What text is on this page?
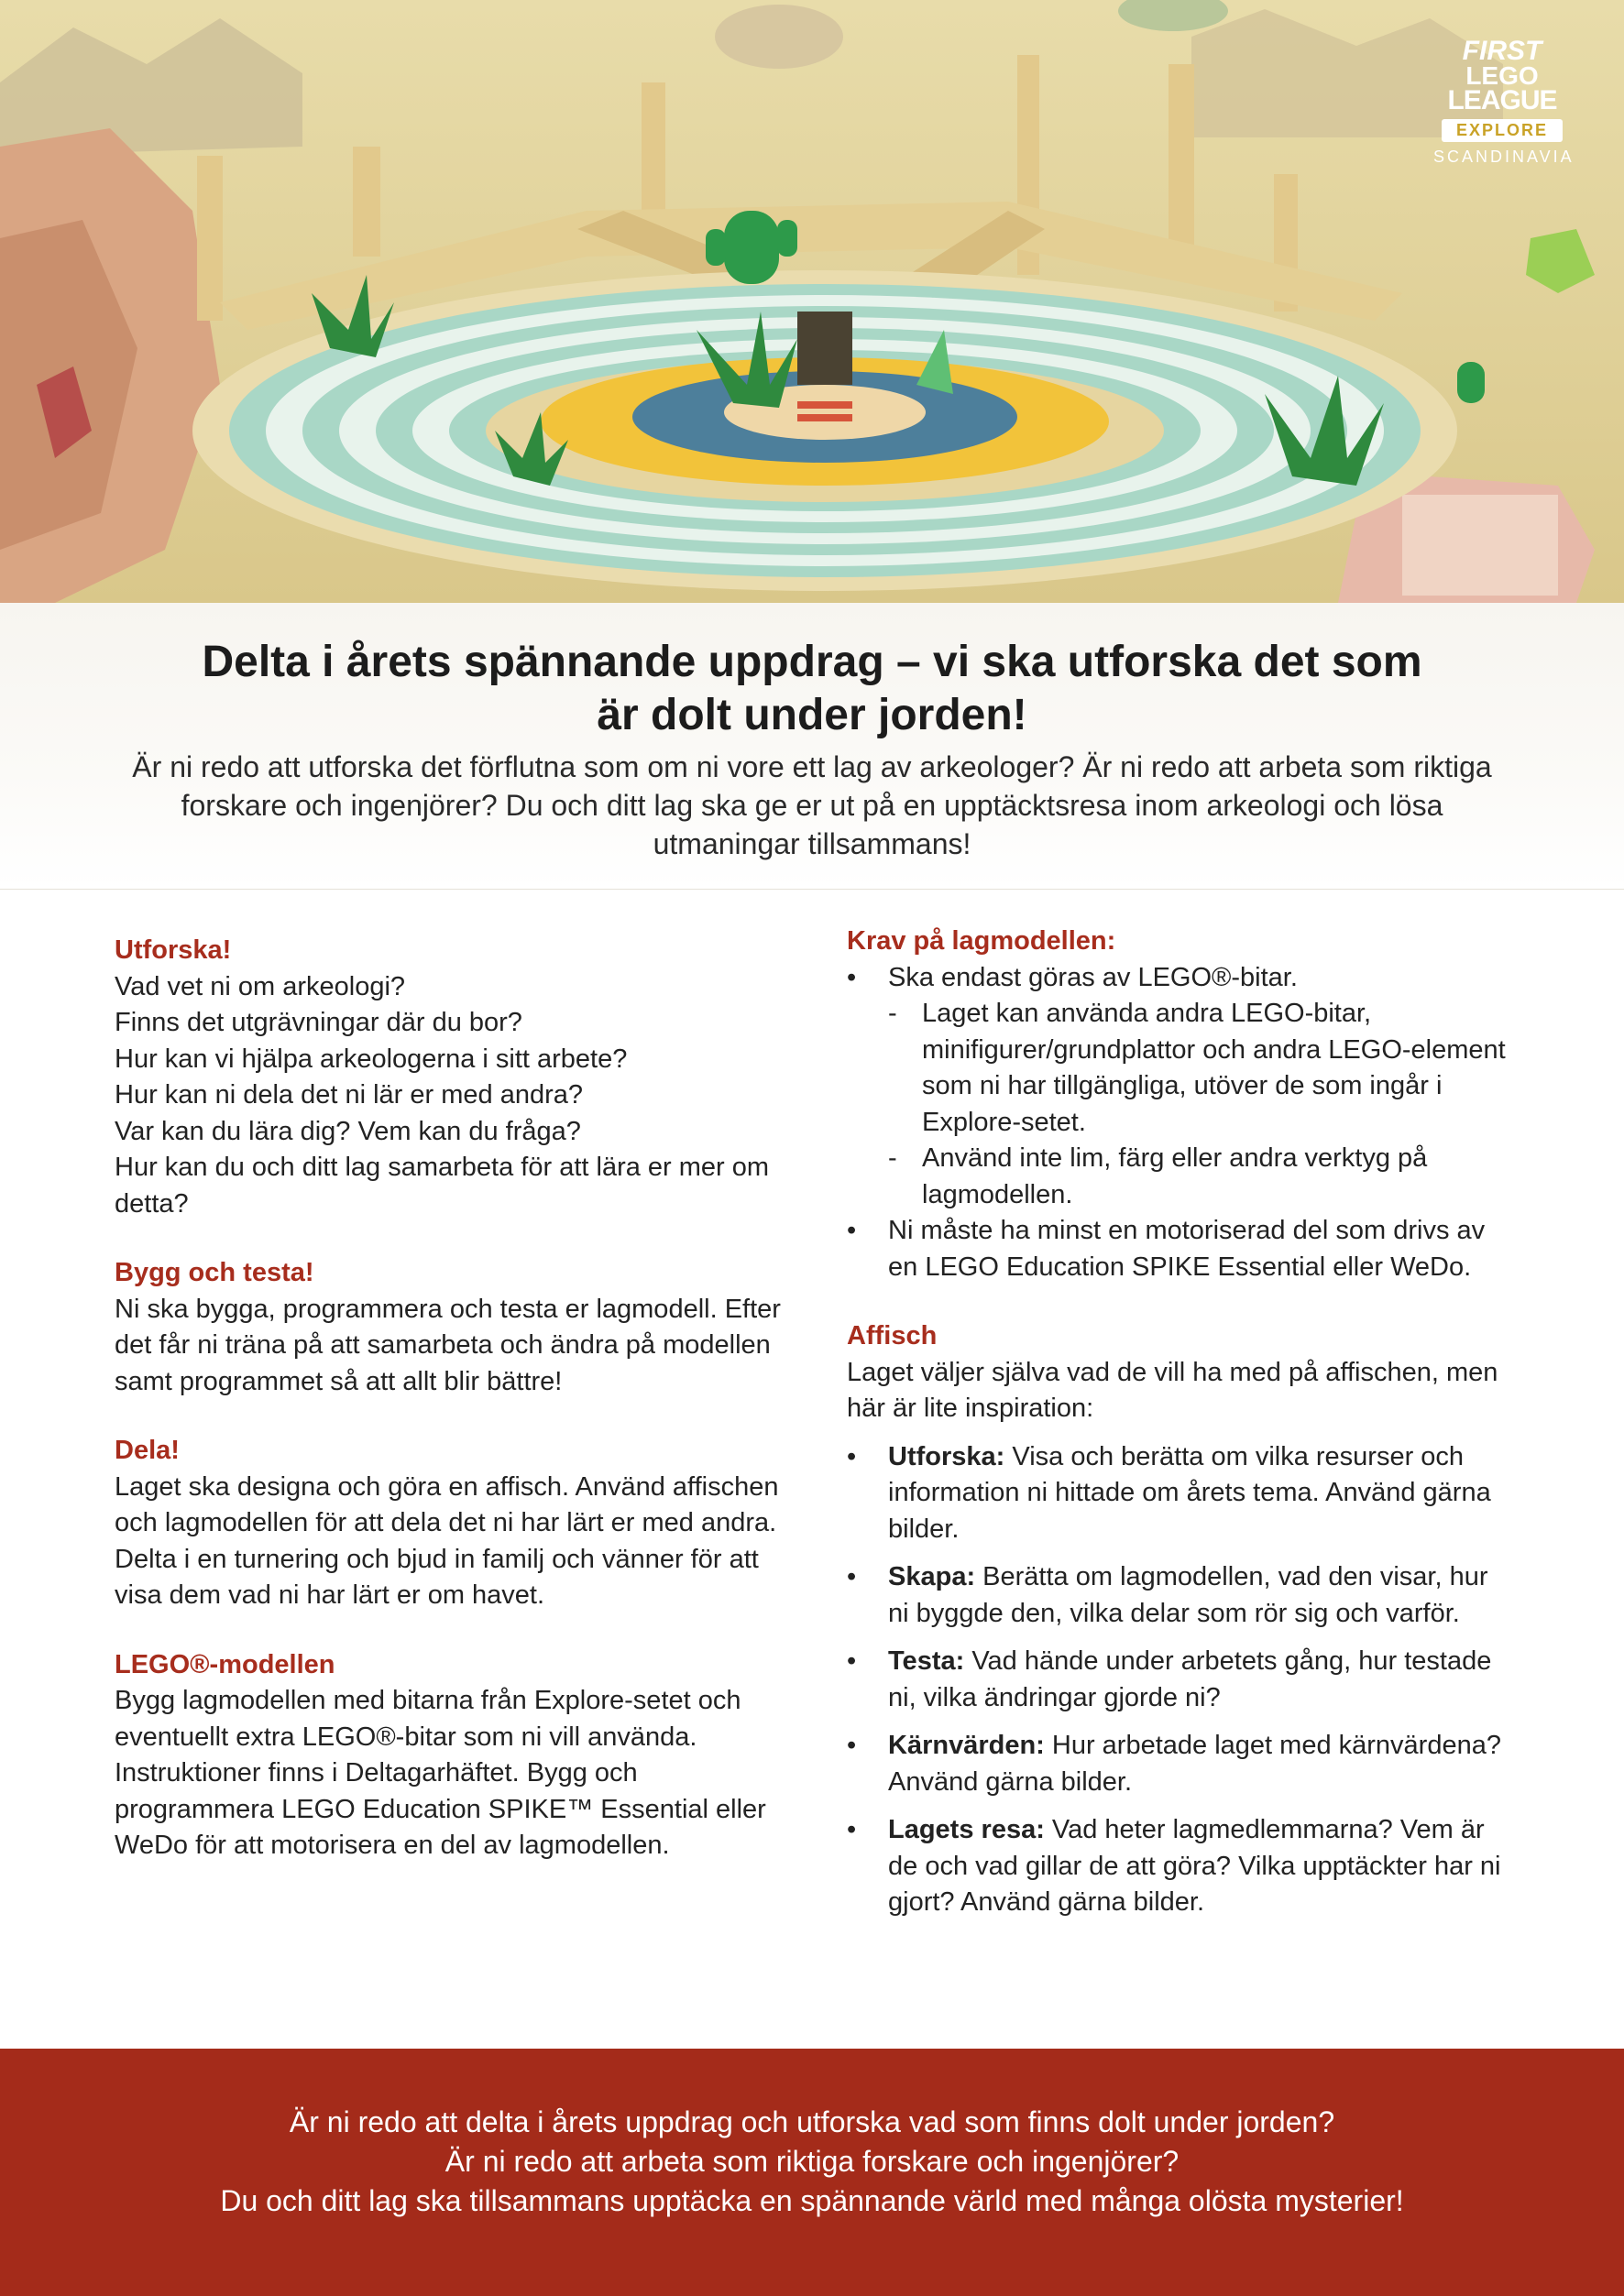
FIRST
LEGO
LEAGUE
EXPLORE
SCANDINAVIA
Delta i årets spännande uppdrag – vi ska utforska det som
är dolt under jorden!

Är ni redo att utforska det förflutna som om ni vore ett lag av arkeologer? Är ni redo att arbeta som riktiga forskare och ingenjörer? Du och ditt lag ska ge er ut på en upptäcktsresa inom arkeologi och lösa utmaningar tillsammans!

Utforska!

Vad vet ni om arkeologi?

Finns det utgrävningar där du bor?

Hur kan vi hjälpa arkeologerna i sitt arbete?

Hur kan ni dela det ni lär er med andra?

Var kan du lära dig? Vem kan du fråga?

Hur kan du och ditt lag samarbeta för att lära er mer om detta?

Bygg och testa!

Ni ska bygga, programmera och testa er lagmodell. Efter det får ni träna på att samarbeta och ändra på modellen samt programmet så att allt blir bättre!

Dela!

Laget ska designa och göra en affisch. Använd affischen och lagmodellen för att dela det ni har lärt er med andra. Delta i en turnering och bjud in familj och vänner för att visa dem vad ni har lärt er om havet.

LEGO®-modellen

Bygg lagmodellen med bitarna från Explore-setet och eventuellt extra LEGO®-bitar som ni vill använda. Instruktioner finns i Deltagarhäftet. Bygg och programmera LEGO Education SPIKE™ Essential eller WeDo för att motorisera en del av lagmodellen.

Krav på lagmodellen:
• Ska endast göras av LEGO®-bitar.
- Laget kan använda andra LEGO-bitar, minifigurer/grundplattor och andra LEGO-element som ni har tillgängliga, utöver de som ingår i Explore-setet.
- Använd inte lim, färg eller andra verktyg på lagmodellen.
• Ni måste ha minst en motoriserad del som drivs av en LEGO Education SPIKE Essential eller WeDo.
Affisch

Laget väljer själva vad de vill ha med på affischen, men här är lite inspiration:

• Utforska: Visa och berätta om vilka resurser och information ni hittade om årets tema. Använd gärna bilder.
• Skapa: Berätta om lagmodellen, vad den visar, hur ni byggde den, vilka delar som rör sig och varför.
• Testa: Vad hände under arbetets gång, hur testade ni, vilka ändringar gjorde ni?
• Kärnvärden: Hur arbetade laget med kärnvärdena? Använd gärna bilder.
• Lagets resa: Vad heter lagmedlemmarna? Vem är de och vad gillar de att göra? Vilka upptäckter har ni gjort? Använd gärna bilder.

Är ni redo att delta i årets uppdrag och utforska vad som finns dolt under jorden?
Är ni redo att arbeta som riktiga forskare och ingenjörer?
Du och ditt lag ska tillsammans upptäcka en spännande värld med många olösta mysterier!
